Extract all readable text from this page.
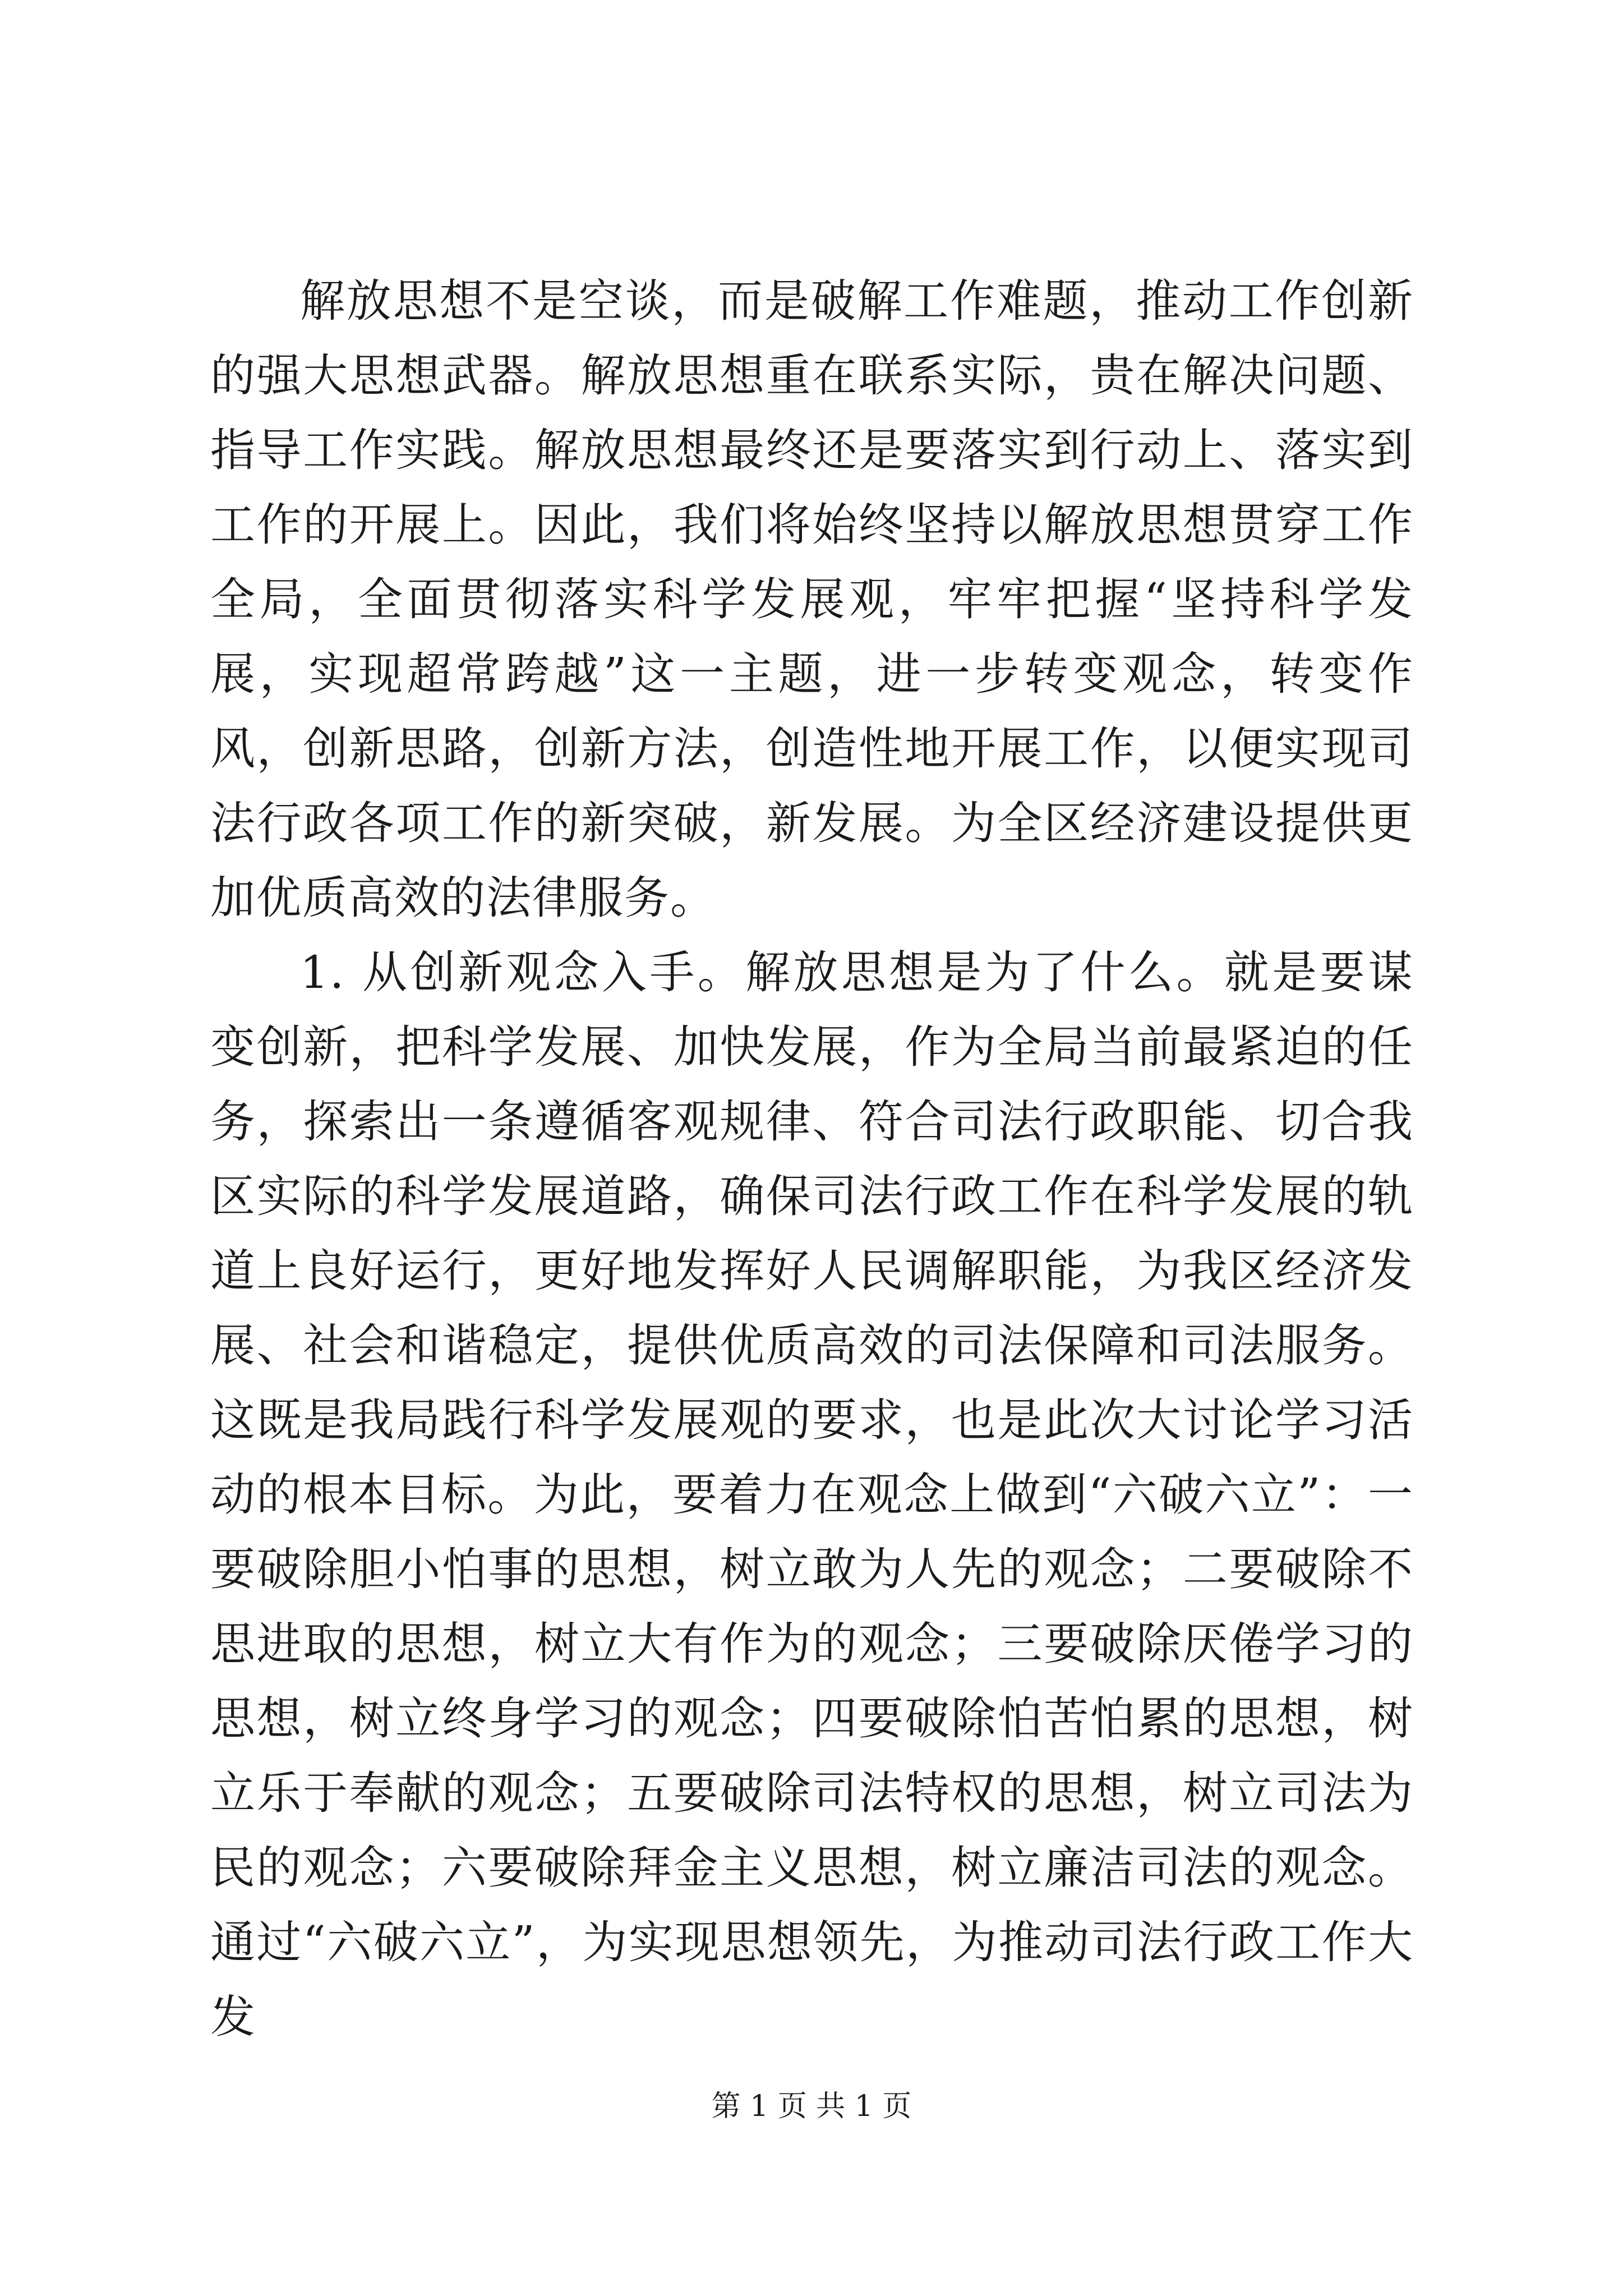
解放思想不是空谈，而是破解工作难题，推动工作创新的强大思想武器。解放思想重在联系实际，贵在解决问题、指导工作实践。解放思想最终还是要落实到行动上、落实到工作的开展上。因此，我们将始终坚持以解放思想贯穿工作全局，全面贯彻落实科学发展观，牢牢把握“坚持科学发展，实现超常跨越”这一主题，进一步转变观念，转变作风，创新思路，创新方法，创造性地开展工作，以便实现司法行政各项工作的新突破，新发展。为全区经济建设提供更加优质高效的法律服务。

1. 从创新观念入手。解放思想是为了什么。就是要谋变创新，把科学发展、加快发展，作为全局当前最紧迫的任务，探索出一条遵循客观规律、符合司法行政职能、切合我区实际的科学发展道路，确保司法行政工作在科学发展的轨道上良好运行，更好地发挥好人民调解职能，为我区经济发展、社会和谐稳定，提供优质高效的司法保障和司法服务。这既是我局践行科学发展观的要求，也是此次大讨论学习活动的根本目标。为此，要着力在观念上做到“六破六立”：一要破除胆小怕事的思想，树立敢为人先的观念；二要破除不思进取的思想，树立大有作为的观念；三要破除厌倦学习的思想，树立终身学习的观念；四要破除怕苦怕累的思想，树立乐于奉献的观念；五要破除司法特权的思想，树立司法为民的观念；六要破除拜金主义思想，树立廉洁司法的观念。通过“六破六立”，为实现思想领先，为推动司法行政工作大发

第 1 页 共 1 页
